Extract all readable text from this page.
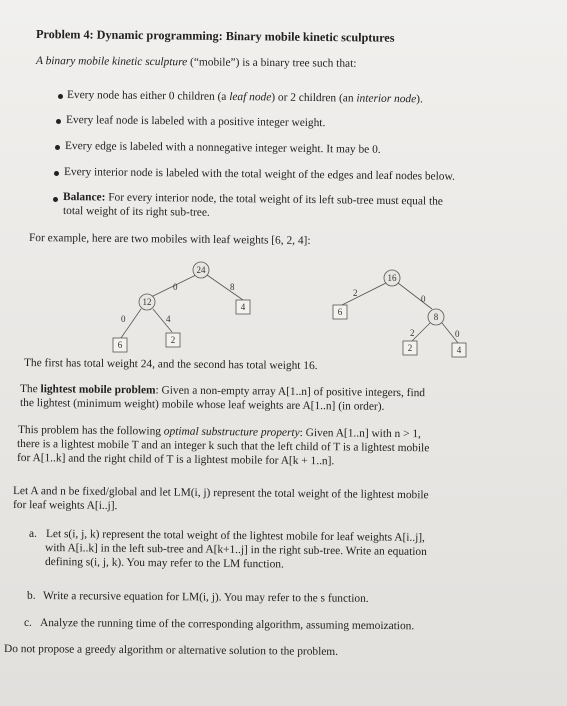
Problem 4: Dynamic programming: Binary mobile kinetic sculptures
A binary mobile kinetic sculpture (“mobile”) is a binary tree such that:
Every node has either 0 children (a leaf node) or 2 children (an interior node).
Every leaf node is labeled with a positive integer weight.
Every edge is labeled with a nonnegative integer weight. It may be 0.
Every interior node is labeled with the total weight of the edges and leaf nodes below.
Balance: For every interior node, the total weight of its left sub-tree must equal the
total weight of its right sub-tree.
For example, here are two mobiles with leaf weights [6, 2, 4]:
24
12
6	2
4
0	8
0	4
16
8
6
2	4
2
0
2	0
The first has total weight 24, and the second has total weight 16.
The lightest mobile problem: Given a non-empty array A[1..n] of positive integers, find
the lightest (minimum weight) mobile whose leaf weights are A[1..n] (in order).
This problem has the following optimal substructure property: Given A[1..n] with n > 1,
there is a lightest mobile T and an integer k such that the left child of T is a lightest mobile
for A[1..k] and the right child of T is a lightest mobile for A[k + 1..n].
Let A and n be fixed/global and let LM(i, j) represent the total weight of the lightest mobile
for leaf weights A[i..j].
a. Let s(i, j, k) represent the total weight of the lightest mobile for leaf weights A[i..j],
with A[i..k] in the left sub-tree and A[k+1..j] in the right sub-tree. Write an equation
defining s(i, j, k). You may refer to the LM function.
b. Write a recursive equation for LM(i, j). You may refer to the s function.
c. Analyze the running time of the corresponding algorithm, assuming memoization.
Do not propose a greedy algorithm or alternative solution to the problem.
